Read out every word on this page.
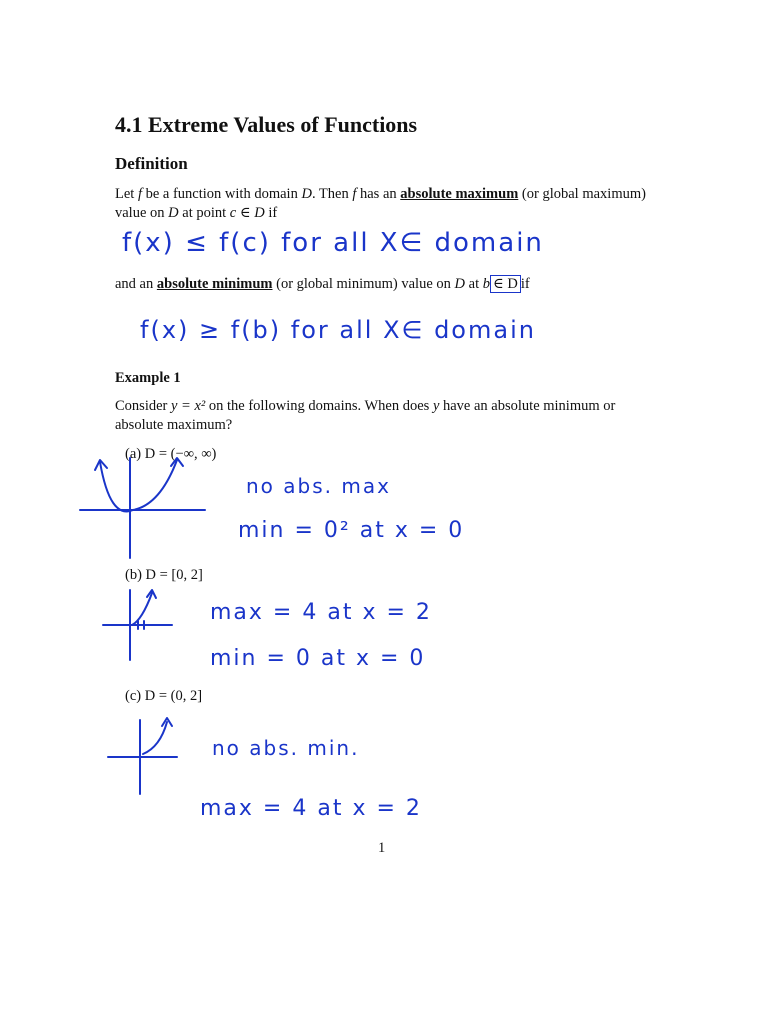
4.1 Extreme Values of Functions
Definition
Let f be a function with domain D. Then f has an absolute maximum (or global maximum) value on D at point c ∈ D if
f(x) ≤ f(c) for all X∈ domain
and an absolute minimum (or global minimum) value on D at b ∈ D if
f(x) ≥ f(b) for all X∈ domain
Example 1
Consider y = x² on the following domains. When does y have an absolute minimum or absolute maximum?
(a) D = (−∞, ∞)
no abs. max
min = 0² at x = 0
(b) D = [0, 2]
max = 4 at x = 2
min = 0 at x = 0
(c) D = (0, 2]
no abs. min.
max = 4 at x = 2
1
